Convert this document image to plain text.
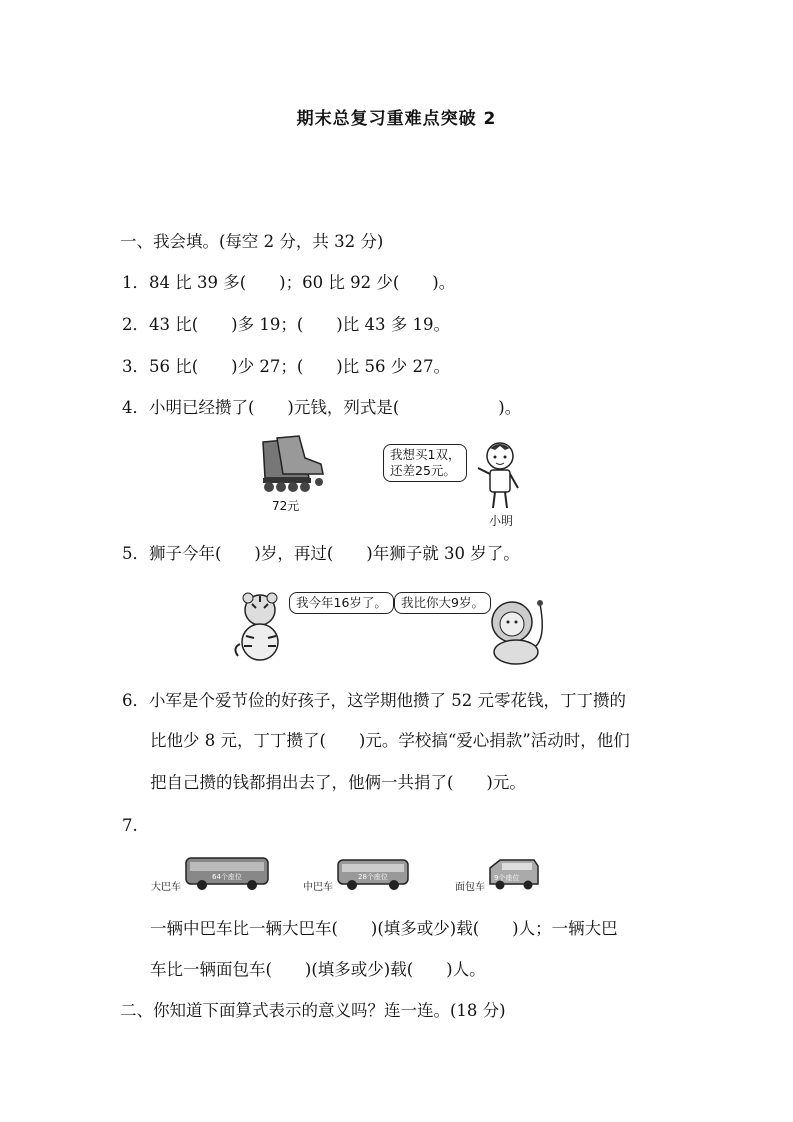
期末总复习重难点突破 2
一、我会填。(每空 2 分，共 32 分)
1．84 比 39 多(　　)；60 比 92 少(　　)。
2．43 比(　　)多 19；(　　)比 43 多 19。
3．56 比(　　)少 27；(　　)比 56 少 27。
4．小明已经攒了(　　)元钱，列式是(　　　　　　)。
72元
我想买1双，
还差25元。
小明
5．狮子今年(　　)岁，再过(　　)年狮子就 30 岁了。
我今年16岁了。	我比你大9岁。
6．小军是个爱节俭的好孩子，这学期他攒了 52 元零花钱，丁丁攒的
比他少 8 元，丁丁攒了(　　)元。学校搞“爱心捐款”活动时，他们
把自己攒的钱都捐出去了，他俩一共捐了(　　)元。
7.
大巴车
64个座位
中巴车
28个座位
面包车
9个座位
一辆中巴车比一辆大巴车(　　)(填多或少)载(　　)人；一辆大巴
车比一辆面包车(　　)(填多或少)载(　　)人。
二、你知道下面算式表示的意义吗？连一连。(18 分)
